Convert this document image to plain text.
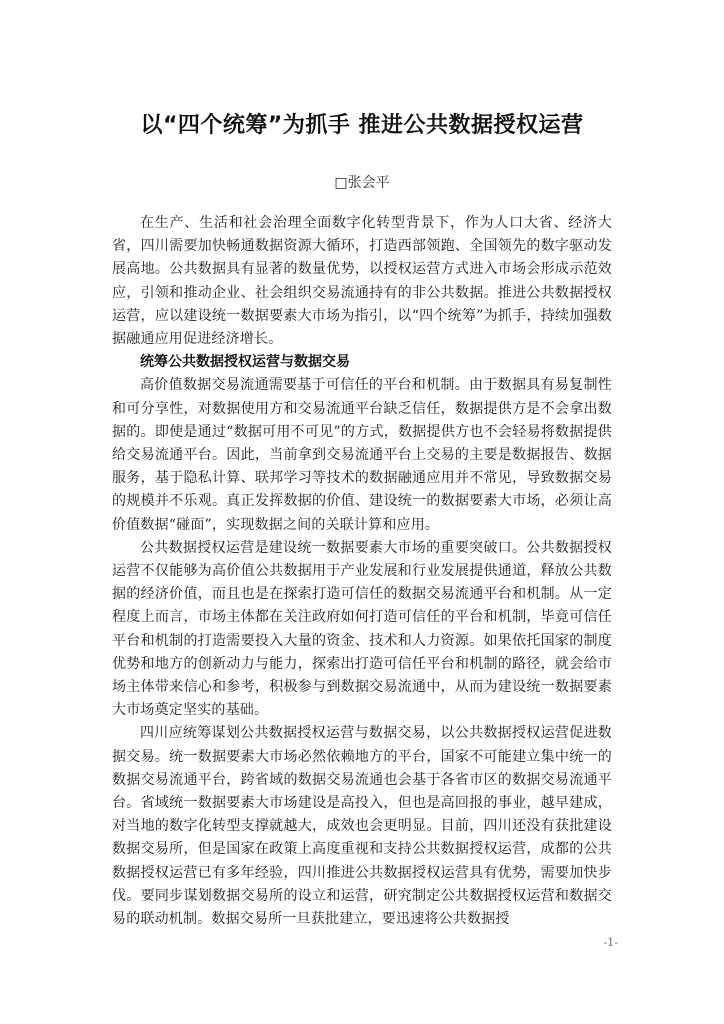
以“四个统筹”为抓手 推进公共数据授权运营

□张会平

在生产、生活和社会治理全面数字化转型背景下，作为人口大省、经济大省，四川需要加快畅通数据资源大循环，打造西部领跑、全国领先的数字驱动发展高地。公共数据具有显著的数量优势，以授权运营方式进入市场会形成示范效应，引领和推动企业、社会组织交易流通持有的非公共数据。推进公共数据授权运营，应以建设统一数据要素大市场为指引，以“四个统筹”为抓手，持续加强数据融通应用促进经济增长。

统筹公共数据授权运营与数据交易

高价值数据交易流通需要基于可信任的平台和机制。由于数据具有易复制性和可分享性，对数据使用方和交易流通平台缺乏信任，数据提供方是不会拿出数据的。即使是通过“数据可用不可见”的方式，数据提供方也不会轻易将数据提供给交易流通平台。因此，当前拿到交易流通平台上交易的主要是数据报告、数据服务，基于隐私计算、联邦学习等技术的数据融通应用并不常见，导致数据交易的规模并不乐观。真正发挥数据的价值、建设统一的数据要素大市场，必须让高价值数据“碰面”，实现数据之间的关联计算和应用。

公共数据授权运营是建设统一数据要素大市场的重要突破口。公共数据授权运营不仅能够为高价值公共数据用于产业发展和行业发展提供通道，释放公共数据的经济价值，而且也是在探索打造可信任的数据交易流通平台和机制。从一定程度上而言，市场主体都在关注政府如何打造可信任的平台和机制，毕竟可信任平台和机制的打造需要投入大量的资金、技术和人力资源。如果依托国家的制度优势和地方的创新动力与能力，探索出打造可信任平台和机制的路径，就会给市场主体带来信心和参考，积极参与到数据交易流通中，从而为建设统一数据要素大市场奠定坚实的基础。

四川应统筹谋划公共数据授权运营与数据交易，以公共数据授权运营促进数据交易。统一数据要素大市场必然依赖地方的平台，国家不可能建立集中统一的数据交易流通平台，跨省域的数据交易流通也会基于各省市区的数据交易流通平台。省域统一数据要素大市场建设是高投入，但也是高回报的事业，越早建成，对当地的数字化转型支撑就越大，成效也会更明显。目前，四川还没有获批建设数据交易所，但是国家在政策上高度重视和支持公共数据授权运营，成都的公共数据授权运营已有多年经验，四川推进公共数据授权运营具有优势，需要加快步伐。要同步谋划数据交易所的设立和运营，研究制定公共数据授权运营和数据交易的联动机制。数据交易所一旦获批建立，要迅速将公共数据授

-1-
